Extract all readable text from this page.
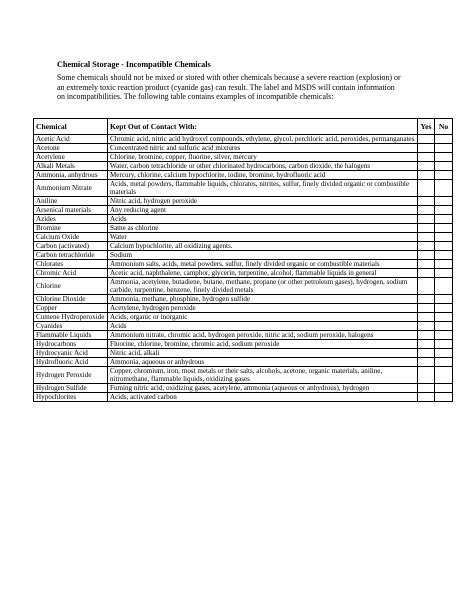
Chemical Storage - Incompatible Chemicals
Some chemicals should not be mixed or stored with other chemicals because a severe reaction (explosion) or an extremely toxic reaction product (cyanide gas) can result. The label and MSDS will contain information on incompatibilities. The following table contains examples of incompatible chemicals:
Chemical	Kept Out of Contact With:	Yes	No
Acetic Acid	Chromic acid, nitric acid hydroxyl compounds, ethylene, glycol, perchloric acid, peroxides, permanganates		
Acetone	Concentrated nitric and sulfuric acid mixtures		
Acetylene	Chlorine, bromine, copper, fluorine, silver, mercury		
Alkali Metals	Water, carbon tetrachloride or other chlorinated hydrocarbons, carbon dioxide, the halogens		
Ammonia, anhydrous	Mercury, chlorine, calcium hypochlorite, iodine, bromine, hydrofluoric acid		
Ammonium Nitrate	Acids, metal powders, flammable liquids, chlorates, nitrites, sulfur, finely divided organic or combustible materials		
Aniline	Nitric acid, hydrogen peroxide		
Arsenical materials	Any reducing agent		
Azides	Acids		
Bromine	Same as chlorine		
Calcium Oxide	Water		
Carbon (activated)	Calcium hypochlorite, all oxidizing agents.		
Carbon tetrachloride	Sodium		
Chlorates	Ammonium salts, acids, metal powders, sulfur, finely divided organic or combustible materials		
Chromic Acid	Acetic acid, naphthalene, camphor, glycerin, turpentine, alcohol, flammable liquids in general		
Chlorine	Ammonia, acetylene, butadiene, butane, methane, propane (or other petroleum gases), hydrogen, sodium carbide, turpentine, benzene, finely divided metals		
Chlorine Dioxide	Ammonia, methane, phosphine, hydrogen sulfide		
Copper	Acetylene, hydrogen peroxide		
Cumene Hydroperoxide	Acids, organic or inorganic		
Cyanides	Acids		
Flammable Liquids	Ammonium nitrate, chromic acid, hydrogen peroxide, nitric acid, sodium peroxide, halogens		
Hydrocarbons	Fluorine, chlorine, bromine, chromic acid, sodium peroxide		
Hydrocyanic Acid	Nitric acid, alkali		
Hydrofluoric Acid	Ammonia, aqueous or anhydrous		
Hydrogen Peroxide	Copper, chromium, iron, most metals or their salts, alcohols, acetone, organic materials, aniline, nitromethane, flammable liquids, oxidizing gases		
Hydrogen Sulfide	Fuming nitric acid, oxidizing gases, acetylene, ammonia (aqueous or anhydrous), hydrogen		
Hypochlorites	Acids, activated carbon		
